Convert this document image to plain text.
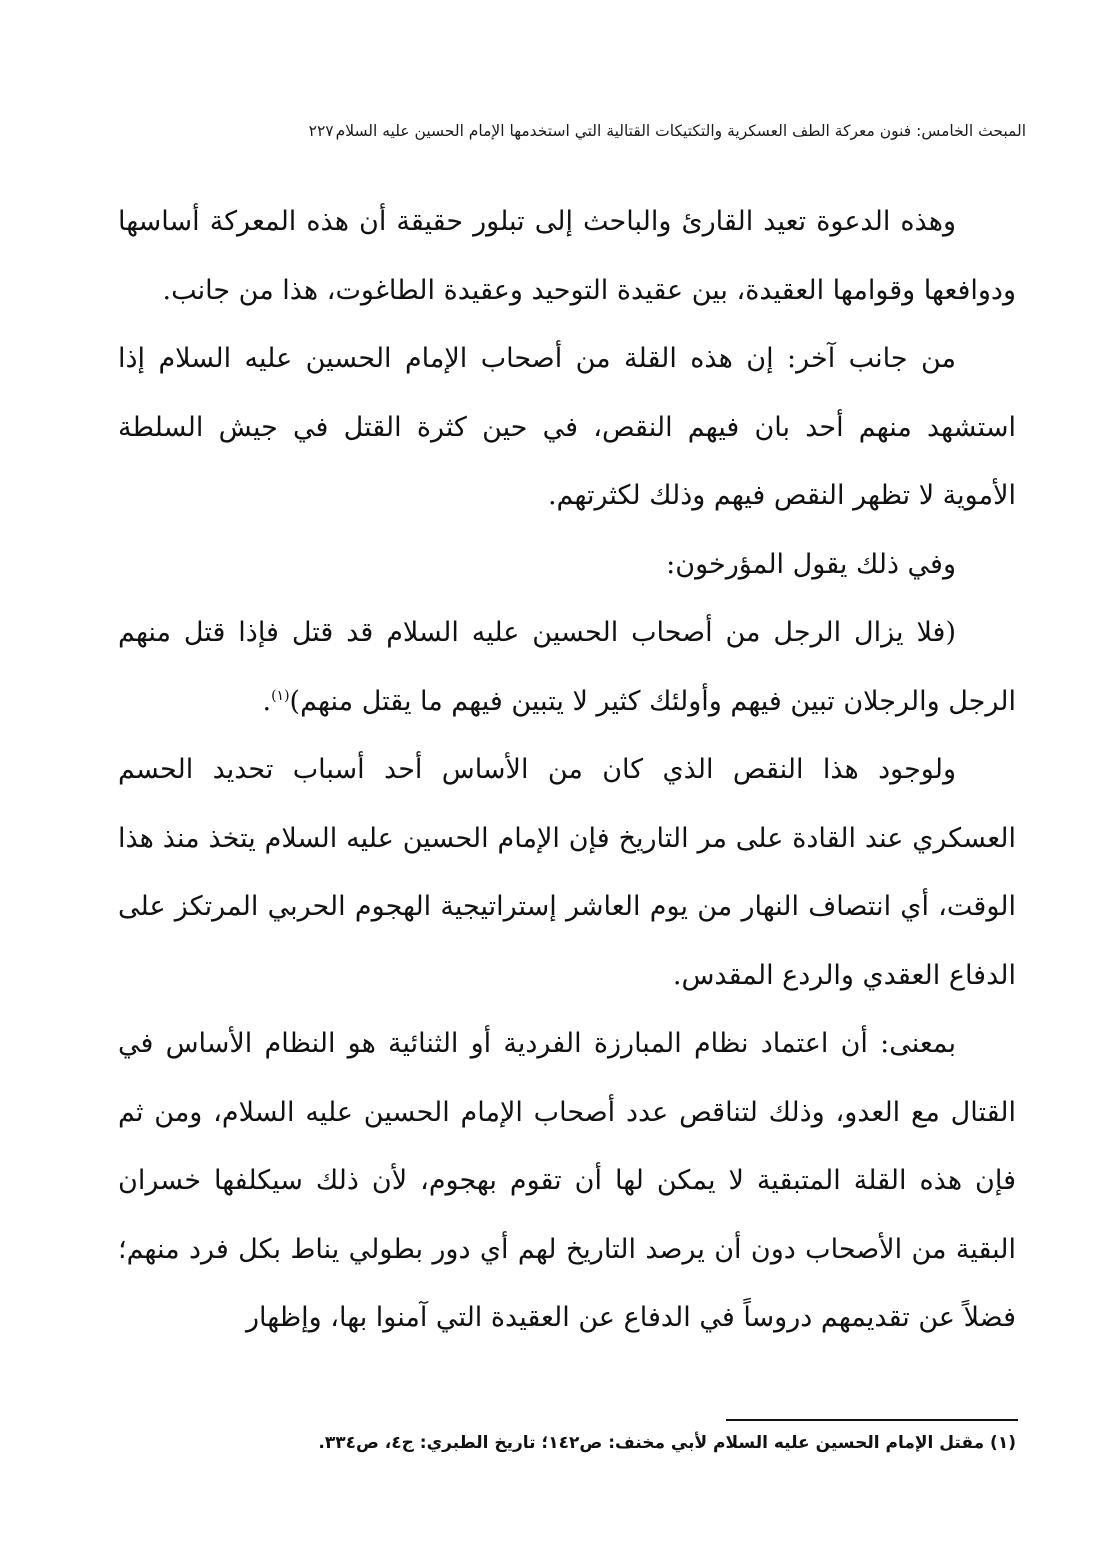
المبحث الخامس: فنون معركة الطف العسكرية والتكتيكات القتالية التي استخدمها الإمام الحسين عليه السلام٢٢٧

وهذه الدعوة تعيد القارئ والباحث إلى تبلور حقيقة أن هذه المعركة أساسها ودوافعها وقوامها العقيدة، بين عقيدة التوحيد وعقيدة الطاغوت، هذا من جانب.

من جانب آخر: إن هذه القلة من أصحاب الإمام الحسين عليه السلام إذا استشهد منهم أحد بان فيهم النقص، في حين كثرة القتل في جيش السلطة الأموية لا تظهر النقص فيهم وذلك لكثرتهم.

وفي ذلك يقول المؤرخون:

(فلا يزال الرجل من أصحاب الحسين عليه السلام قد قتل فإذا قتل منهم الرجل والرجلان تبين فيهم وأولئك كثير لا يتبين فيهم ما يقتل منهم)$^{(١)}$.

ولوجود هذا النقص الذي كان من الأساس أحد أسباب تحديد الحسم العسكري عند القادة على مر التاريخ فإن الإمام الحسين عليه السلام يتخذ منذ هذا الوقت، أي انتصاف النهار من يوم العاشر إستراتيجية الهجوم الحربي المرتكز على الدفاع العقدي والردع المقدس.

بمعنى: أن اعتماد نظام المبارزة الفردية أو الثنائية هو النظام الأساس في القتال مع العدو، وذلك لتناقص عدد أصحاب الإمام الحسين عليه السلام، ومن ثم فإن هذه القلة المتبقية لا يمكن لها أن تقوم بهجوم، لأن ذلك سيكلفها خسران البقية من الأصحاب دون أن يرصد التاريخ لهم أي دور بطولي يناط بكل فرد منهم؛ فضلاً عن تقديمهم دروساً في الدفاع عن العقيدة التي آمنوا بها، وإظهار

(١) مقتل الإمام الحسين عليه السلام لأبي مخنف: ص١٤٢؛ تاريخ الطبري: ج٤، ص٣٣٤.
